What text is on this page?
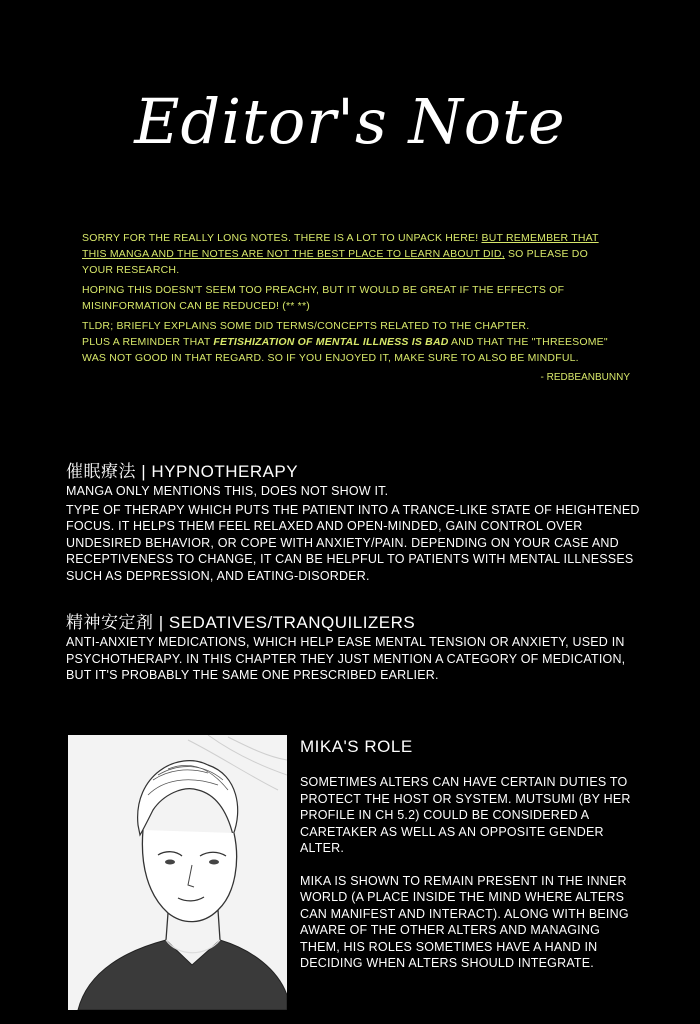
Editor's Note

SORRY FOR THE REALLY LONG NOTES. THERE IS A LOT TO UNPACK HERE! BUT REMEMBER THAT THIS MANGA AND THE NOTES ARE NOT THE BEST PLACE TO LEARN ABOUT DID, SO PLEASE DO YOUR RESEARCH.

HOPING THIS DOESN'T SEEM TOO PREACHY, BUT IT WOULD BE GREAT IF THE EFFECTS OF MISINFORMATION CAN BE REDUCED! (** **)

TLDR; BRIEFLY EXPLAINS SOME DID TERMS/CONCEPTS RELATED TO THE CHAPTER.
PLUS A REMINDER THAT FETISHIZATION OF MENTAL ILLNESS IS BAD AND THAT THE "THREESOME" WAS NOT GOOD IN THAT REGARD. SO IF YOU ENJOYED IT, MAKE SURE TO ALSO BE MINDFUL.

- REDBEANBUNNY
催眠療法 | HYPNOTHERAPY

MANGA ONLY MENTIONS THIS, DOES NOT SHOW IT.

TYPE OF THERAPY WHICH PUTS THE PATIENT INTO A TRANCE-LIKE STATE OF HEIGHTENED FOCUS. IT HELPS THEM FEEL RELAXED AND OPEN-MINDED, GAIN CONTROL OVER UNDESIRED BEHAVIOR, OR COPE WITH ANXIETY/PAIN. DEPENDING ON YOUR CASE AND RECEPTIVENESS TO CHANGE, IT CAN BE HELPFUL TO PATIENTS WITH MENTAL ILLNESSES SUCH AS DEPRESSION, AND EATING-DISORDER.

精神安定剤 | SEDATIVES/TRANQUILIZERS
ANTI-ANXIETY MEDICATIONS, WHICH HELP EASE MENTAL TENSION OR ANXIETY, USED IN PSYCHOTHERAPY. IN THIS CHAPTER THEY JUST MENTION A CATEGORY OF MEDICATION, BUT IT'S PROBABLY THE SAME ONE PRESCRIBED EARLIER.
MIKA'S ROLE

SOMETIMES ALTERS CAN HAVE CERTAIN DUTIES TO PROTECT THE HOST OR SYSTEM. MUTSUMI (BY HER PROFILE IN CH 5.2) COULD BE CONSIDERED A CARETAKER AS WELL AS AN OPPOSITE GENDER ALTER.

MIKA IS SHOWN TO REMAIN PRESENT IN THE INNER WORLD (A PLACE INSIDE THE MIND WHERE ALTERS CAN MANIFEST AND INTERACT). ALONG WITH BEING AWARE OF THE OTHER ALTERS AND MANAGING THEM, HIS ROLES SOMETIMES HAVE A HAND IN DECIDING WHEN ALTERS SHOULD INTEGRATE.
